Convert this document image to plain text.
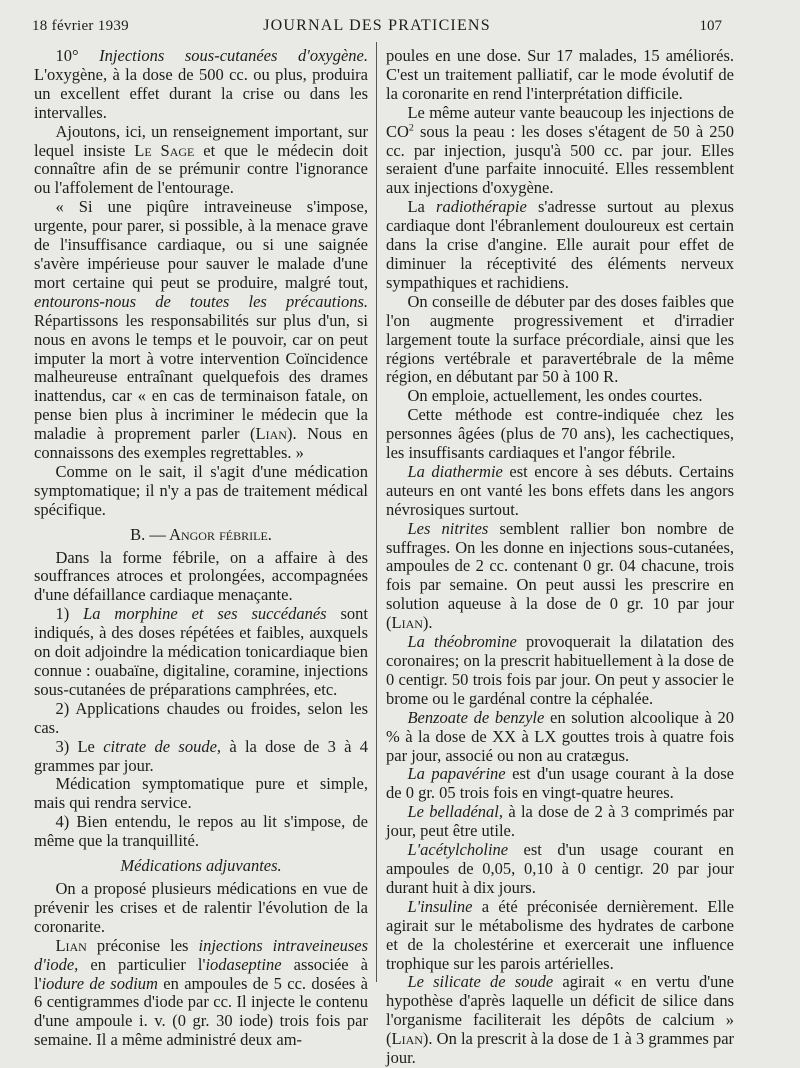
18 février 1939	JOURNAL DES PRATICIENS	107

10° Injections sous-cutanées d'oxygène. L'oxygène, à la dose de 500 cc. ou plus, produira un excellent effet durant la crise ou dans les intervalles.

Ajoutons, ici, un renseignement important, sur lequel insiste Le Sage et que le médecin doit connaître afin de se prémunir contre l'ignorance ou l'affolement de l'entourage.

« Si une piqûre intraveineuse s'impose, urgente, pour parer, si possible, à la menace grave de l'insuffisance cardiaque, ou si une saignée s'avère impérieuse pour sauver le malade d'une mort certaine qui peut se produire, malgré tout, entourons-nous de toutes les précautions. Répartissons les responsabilités sur plus d'un, si nous en avons le temps et le pouvoir, car on peut imputer la mort à votre intervention Coïncidence malheureuse entraînant quelquefois des drames inattendus, car « en cas de terminaison fatale, on pense bien plus à incriminer le médecin que la maladie à proprement parler (Lian). Nous en connaissons des exemples regrettables. »

Comme on le sait, il s'agit d'une médication symptomatique; il n'y a pas de traitement médical spécifique.

B. — Angor fébrile.

Dans la forme fébrile, on a affaire à des souffrances atroces et prolongées, accompagnées d'une défaillance cardiaque menaçante.

1) La morphine et ses succédanés sont indiqués, à des doses répétées et faibles, auxquels on doit adjoindre la médication tonicardiaque bien connue : ouabaïne, digitaline, coramine, injections sous-cutanées de préparations camphrées, etc.

2) Applications chaudes ou froides, selon les cas.

3) Le citrate de soude, à la dose de 3 à 4 grammes par jour.

Médication symptomatique pure et simple, mais qui rendra service.

4) Bien entendu, le repos au lit s'impose, de même que la tranquillité.

Médications adjuvantes.

On a proposé plusieurs médications en vue de prévenir les crises et de ralentir l'évolution de la coronarite.

Lian préconise les injections intraveineuses d'iode, en particulier l'iodaseptine associée à l'iodure de sodium en ampoules de 5 cc. dosées à 6 centigrammes d'iode par cc. Il injecte le contenu d'une ampoule i. v. (0 gr. 30 iode) trois fois par semaine. Il a même administré deux am-

poules en une dose. Sur 17 malades, 15 améliorés. C'est un traitement palliatif, car le mode évolutif de la coronarite en rend l'interprétation difficile.

Le même auteur vante beaucoup les injections de $CO^2$ sous la peau : les doses s'étagent de 50 à 250 cc. par injection, jusqu'à 500 cc. par jour. Elles seraient d'une parfaite innocuité. Elles ressemblent aux injections d'oxygène.

La radiothérapie s'adresse surtout au plexus cardiaque dont l'ébranlement douloureux est certain dans la crise d'angine. Elle aurait pour effet de diminuer la réceptivité des éléments nerveux sympathiques et rachidiens.

On conseille de débuter par des doses faibles que l'on augmente progressivement et d'irradier largement toute la surface précordiale, ainsi que les régions vertébrale et paravertébrale de la même région, en débutant par 50 à 100 R.

On emploie, actuellement, les ondes courtes.

Cette méthode est contre-indiquée chez les personnes âgées (plus de 70 ans), les cachectiques, les insuffisants cardiaques et l'angor fébrile.

La diathermie est encore à ses débuts. Certains auteurs en ont vanté les bons effets dans les angors névrosiques surtout.

Les nitrites semblent rallier bon nombre de suffrages. On les donne en injections sous-cutanées, ampoules de 2 cc. contenant 0 gr. 04 chacune, trois fois par semaine. On peut aussi les prescrire en solution aqueuse à la dose de 0 gr. 10 par jour (Lian).

La théobromine provoquerait la dilatation des coronaires; on la prescrit habituellement à la dose de 0 centigr. 50 trois fois par jour. On peut y associer le brome ou le gardénal contre la céphalée.

Benzoate de benzyle en solution alcoolique à 20 % à la dose de XX à LX gouttes trois à quatre fois par jour, associé ou non au cratægus.

La papavérine est d'un usage courant à la dose de 0 gr. 05 trois fois en vingt-quatre heures.

Le belladénal, à la dose de 2 à 3 comprimés par jour, peut être utile.

L'acétylcholine est d'un usage courant en ampoules de 0,05, 0,10 à 0 centigr. 20 par jour durant huit à dix jours.

L'insuline a été préconisée dernièrement. Elle agirait sur le métabolisme des hydrates de carbone et de la cholestérine et exercerait une influence trophique sur les parois artérielles.

Le silicate de soude agirait « en vertu d'une hypothèse d'après laquelle un déficit de silice dans l'organisme faciliterait les dépôts de calcium » (Lian). On la prescrit à la dose de 1 à 3 grammes par jour.
